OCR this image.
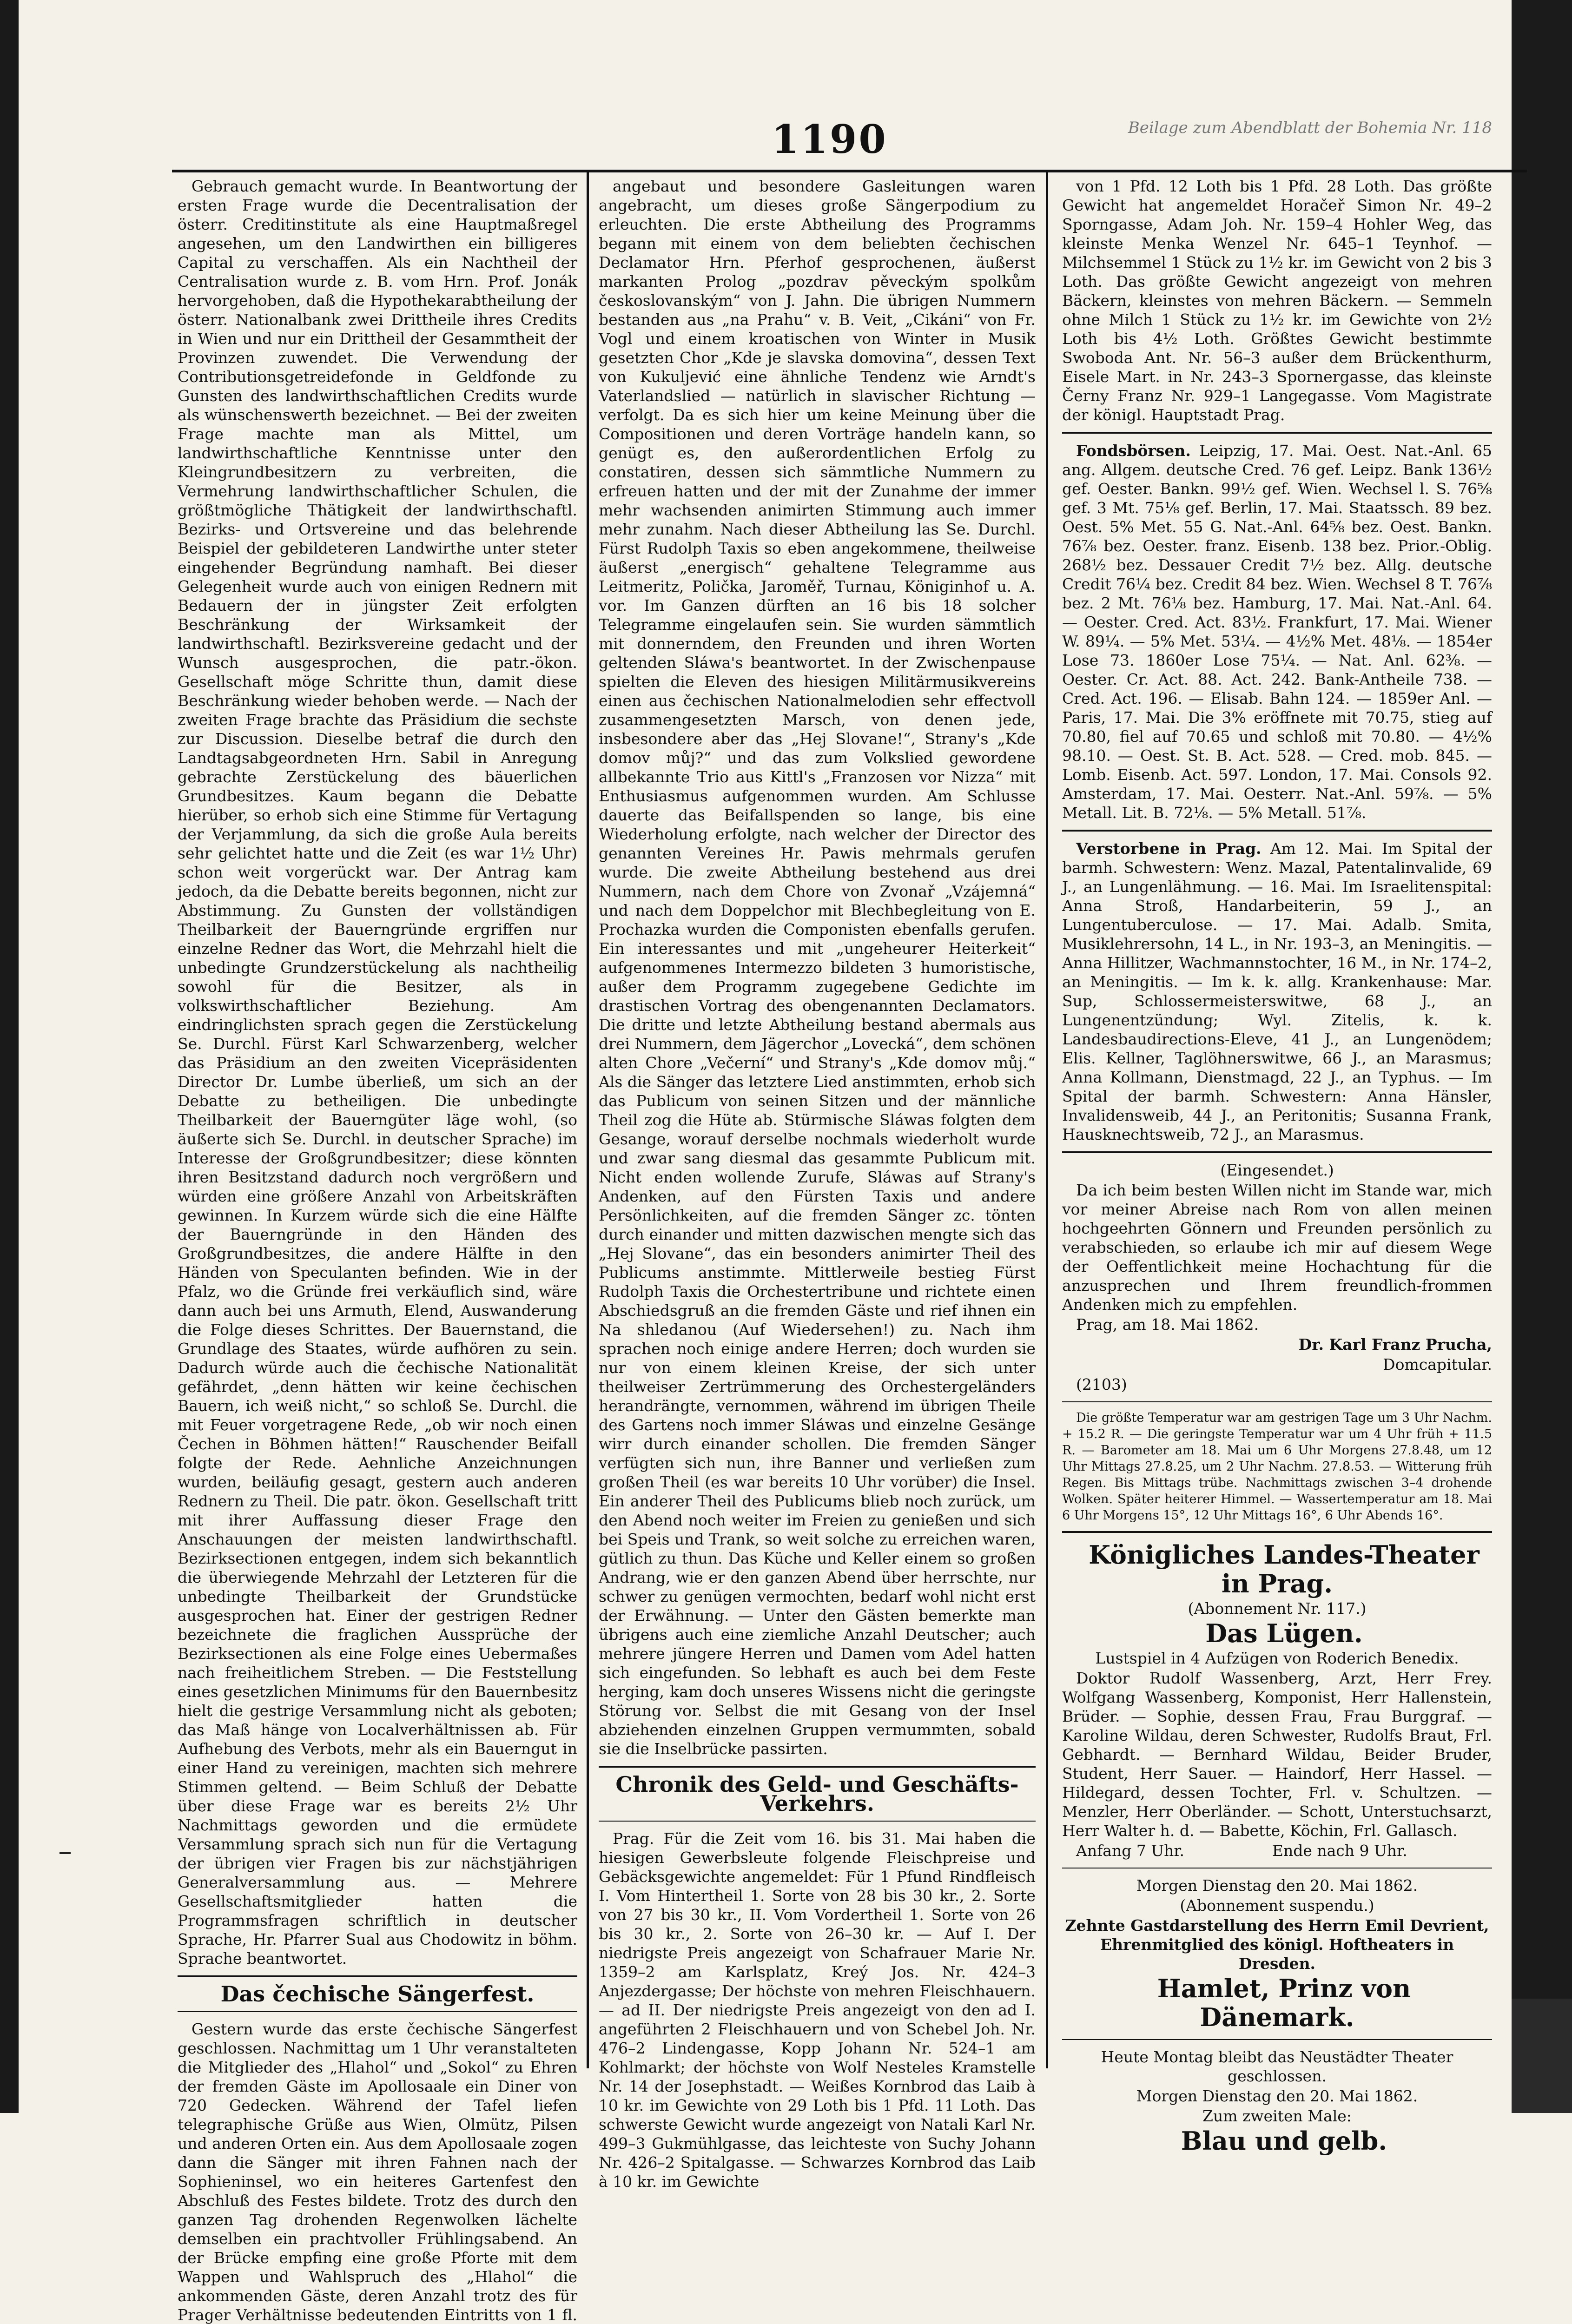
1190	Beilage zum Abendblatt der Bohemia Nr. 118

Gebrauch gemacht wurde. In Beantwortung der ersten Frage wurde die Decentralisation der österr. Creditinstitute als eine Hauptmaßregel angesehen, um den Landwirthen ein billigeres Capital zu verschaffen. Als ein Nachtheil der Centralisation wurde z. B. vom Hrn. Prof. Jonák hervorgehoben, daß die Hypothekarabtheilung der österr. Nationalbank zwei Drittheile ihres Credits in Wien und nur ein Drittheil der Gesammtheit der Provinzen zuwendet. Die Verwendung der Contributionsgetreidefonde in Geldfonde zu Gunsten des landwirthschaftlichen Credits wurde als wünschenswerth bezeichnet. — Bei der zweiten Frage machte man als Mittel, um landwirthschaftliche Kenntnisse unter den Kleingrundbesitzern zu verbreiten, die Vermehrung landwirthschaftlicher Schulen, die größtmögliche Thätigkeit der landwirthschaftl. Bezirks- und Ortsvereine und das belehrende Beispiel der gebildeteren Landwirthe unter steter eingehender Begründung namhaft. Bei dieser Gelegenheit wurde auch von einigen Rednern mit Bedauern der in jüngster Zeit erfolgten Beschränkung der Wirksamkeit der landwirthschaftl. Bezirksvereine gedacht und der Wunsch ausgesprochen, die patr.-ökon. Gesellschaft möge Schritte thun, damit diese Beschränkung wieder behoben werde. — Nach der zweiten Frage brachte das Präsidium die sechste zur Discussion. Dieselbe betraf die durch den Landtagsabgeordneten Hrn. Sabil in Anregung gebrachte Zerstückelung des bäuerlichen Grundbesitzes. Kaum begann die Debatte hierüber, so erhob sich eine Stimme für Vertagung der Verjammlung, da sich die große Aula bereits sehr gelichtet hatte und die Zeit (es war 1½ Uhr) schon weit vorgerückt war. Der Antrag kam jedoch, da die Debatte bereits begonnen, nicht zur Abstimmung. Zu Gunsten der vollständigen Theilbarkeit der Bauerngründe ergriffen nur einzelne Redner das Wort, die Mehrzahl hielt die unbedingte Grundzerstückelung als nachtheilig sowohl für die Besitzer, als in volkswirthschaftlicher Beziehung. Am eindringlichsten sprach gegen die Zerstückelung Se. Durchl. Fürst Karl Schwarzenberg, welcher das Präsidium an den zweiten Vicepräsidenten Director Dr. Lumbe überließ, um sich an der Debatte zu betheiligen. Die unbedingte Theilbarkeit der Bauerngüter läge wohl, (so äußerte sich Se. Durchl. in deutscher Sprache) im Interesse der Großgrundbesitzer; diese könnten ihren Besitzstand dadurch noch vergrößern und würden eine größere Anzahl von Arbeitskräften gewinnen. In Kurzem würde sich die eine Hälfte der Bauerngründe in den Händen des Großgrundbesitzes, die andere Hälfte in den Händen von Speculanten befinden. Wie in der Pfalz, wo die Gründe frei verkäuflich sind, wäre dann auch bei uns Armuth, Elend, Auswanderung die Folge dieses Schrittes. Der Bauernstand, die Grundlage des Staates, würde aufhören zu sein. Dadurch würde auch die čechische Nationalität gefährdet, „denn hätten wir keine čechischen Bauern, ich weiß nicht,“ so schloß Se. Durchl. die mit Feuer vorgetragene Rede, „ob wir noch einen Čechen in Böhmen hätten!“ Rauschender Beifall folgte der Rede. Aehnliche Anzeichnungen wurden, beiläufig gesagt, gestern auch anderen Rednern zu Theil. Die patr. ökon. Gesellschaft tritt mit ihrer Auffassung dieser Frage den Anschauungen der meisten landwirthschaftl. Bezirksectionen entgegen, indem sich bekanntlich die überwiegende Mehrzahl der Letzteren für die unbedingte Theilbarkeit der Grundstücke ausgesprochen hat. Einer der gestrigen Redner bezeichnete die fraglichen Aussprüche der Bezirksectionen als eine Folge eines Uebermaßes nach freiheitlichem Streben. — Die Feststellung eines gesetzlichen Minimums für den Bauernbesitz hielt die gestrige Versammlung nicht als geboten; das Maß hänge von Localverhältnissen ab. Für Aufhebung des Verbots, mehr als ein Bauerngut in einer Hand zu vereinigen, machten sich mehrere Stimmen geltend. — Beim Schluß der Debatte über diese Frage war es bereits 2½ Uhr Nachmittags geworden und die ermüdete Versammlung sprach sich nun für die Vertagung der übrigen vier Fragen bis zur nächstjährigen Generalversammlung aus. — Mehrere Gesellschaftsmitglieder hatten die Programmsfragen schriftlich in deutscher Sprache, Hr. Pfarrer Sual aus Chodowitz in böhm. Sprache beantwortet.

Das čechische Sängerfest.

Gestern wurde das erste čechische Sängerfest geschlossen. Nachmittag um 1 Uhr veranstalteten die Mitglieder des „Hlahol“ und „Sokol“ zu Ehren der fremden Gäste im Apollosaale ein Diner von 720 Gedecken. Während der Tafel liefen telegraphische Grüße aus Wien, Olmütz, Pilsen und anderen Orten ein. Aus dem Apollosaale zogen dann die Sänger mit ihren Fahnen nach der Sophieninsel, wo ein heiteres Gartenfest den Abschluß des Festes bildete. Trotz des durch den ganzen Tag drohenden Regenwolken lächelte demselben ein prachtvoller Frühlingsabend. An der Brücke empfing eine große Pforte mit dem Wappen und Wahlspruch des „Hlahol“ die ankommenden Gäste, deren Anzahl trotz des für Prager Verhältnisse bedeutenden Eintritts von 1 fl.

angebaut und besondere Gasleitungen waren angebracht, um dieses große Sängerpodium zu erleuchten. Die erste Abtheilung des Programms begann mit einem von dem beliebten čechischen Declamator Hrn. Pferhof gesprochenen, äußerst markanten Prolog „pozdrav pěveckým spolkům českoslovanským“ von J. Jahn. Die übrigen Nummern bestanden aus „na Prahu“ v. B. Veit, „Cikáni“ von Fr. Vogl und einem kroatischen von Winter in Musik gesetzten Chor „Kde je slavska domovina“, dessen Text von Kukuljević eine ähnliche Tendenz wie Arndt's Vaterlandslied — natürlich in slavischer Richtung — verfolgt. Da es sich hier um keine Meinung über die Compositionen und deren Vorträge handeln kann, so genügt es, den außerordentlichen Erfolg zu constatiren, dessen sich sämmtliche Nummern zu erfreuen hatten und der mit der Zunahme der immer mehr wachsenden animirten Stimmung auch immer mehr zunahm. Nach dieser Abtheilung las Se. Durchl. Fürst Rudolph Taxis so eben angekommene, theilweise äußerst „energisch“ gehaltene Telegramme aus Leitmeritz, Polička, Jaroměř, Turnau, Königinhof u. A. vor. Im Ganzen dürften an 16 bis 18 solcher Telegramme eingelaufen sein. Sie wurden sämmtlich mit donnerndem, den Freunden und ihren Worten geltenden Sláwa's beantwortet. In der Zwischenpause spielten die Eleven des hiesigen Militärmusikvereins einen aus čechischen Nationalmelodien sehr effectvoll zusammengesetzten Marsch, von denen jede, insbesondere aber das „Hej Slovane!“, Strany's „Kde domov můj?“ und das zum Volkslied gewordene allbekannte Trio aus Kittl's „Franzosen vor Nizza“ mit Enthusiasmus aufgenommen wurden. Am Schlusse dauerte das Beifallspenden so lange, bis eine Wiederholung erfolgte, nach welcher der Director des genannten Vereines Hr. Pawis mehrmals gerufen wurde. Die zweite Abtheilung bestehend aus drei Nummern, nach dem Chore von Zvonař „Vzájemná“ und nach dem Doppelchor mit Blechbegleitung von E. Prochazka wurden die Componisten ebenfalls gerufen. Ein interessantes und mit „ungeheurer Heiterkeit“ aufgenommenes Intermezzo bildeten 3 humoristische, außer dem Programm zugegebene Gedichte im drastischen Vortrag des obengenannten Declamators. Die dritte und letzte Abtheilung bestand abermals aus drei Nummern, dem Jägerchor „Lovecká“, dem schönen alten Chore „Večerní“ und Strany's „Kde domov můj.“ Als die Sänger das letztere Lied anstimmten, erhob sich das Publicum von seinen Sitzen und der männliche Theil zog die Hüte ab. Stürmische Sláwas folgten dem Gesange, worauf derselbe nochmals wiederholt wurde und zwar sang diesmal das gesammte Publicum mit. Nicht enden wollende Zurufe, Sláwas auf Strany's Andenken, auf den Fürsten Taxis und andere Persönlichkeiten, auf die fremden Sänger zc. tönten durch einander und mitten dazwischen mengte sich das „Hej Slovane“, das ein besonders animirter Theil des Publicums anstimmte. Mittlerweile bestieg Fürst Rudolph Taxis die Orchestertribune und richtete einen Abschiedsgruß an die fremden Gäste und rief ihnen ein Na shledanou (Auf Wiedersehen!) zu. Nach ihm sprachen noch einige andere Herren; doch wurden sie nur von einem kleinen Kreise, der sich unter theilweiser Zertrümmerung des Orchestergeländers herandrängte, vernommen, während im übrigen Theile des Gartens noch immer Sláwas und einzelne Gesänge wirr durch einander schollen. Die fremden Sänger verfügten sich nun, ihre Banner und verließen zum großen Theil (es war bereits 10 Uhr vorüber) die Insel. Ein anderer Theil des Publicums blieb noch zurück, um den Abend noch weiter im Freien zu genießen und sich bei Speis und Trank, so weit solche zu erreichen waren, gütlich zu thun. Das Küche und Keller einem so großen Andrang, wie er den ganzen Abend über herrschte, nur schwer zu genügen vermochten, bedarf wohl nicht erst der Erwähnung. — Unter den Gästen bemerkte man übrigens auch eine ziemliche Anzahl Deutscher; auch mehrere jüngere Herren und Damen vom Adel hatten sich eingefunden. So lebhaft es auch bei dem Feste herging, kam doch unseres Wissens nicht die geringste Störung vor. Selbst die mit Gesang von der Insel abziehenden einzelnen Gruppen vermummten, sobald sie die Inselbrücke passirten.

Chronik des Geld- und Geschäfts-Verkehrs.

Prag. Für die Zeit vom 16. bis 31. Mai haben die hiesigen Gewerbsleute folgende Fleischpreise und Gebäcksgewichte angemeldet: Für 1 Pfund Rindfleisch I. Vom Hintertheil 1. Sorte von 28 bis 30 kr., 2. Sorte von 27 bis 30 kr., II. Vom Vordertheil 1. Sorte von 26 bis 30 kr., 2. Sorte von 26–30 kr. — Auf I. Der niedrigste Preis angezeigt von Schafrauer Marie Nr. 1359–2 am Karlsplatz, Kreý Jos. Nr. 424–3 Anjezdergasse; Der höchste von mehren Fleischhauern. — ad II. Der niedrigste Preis angezeigt von den ad I. angeführten 2 Fleischhauern und von Schebel Joh. Nr. 476–2 Lindengasse, Kopp Johann Nr. 524–1 am Kohlmarkt; der höchste von Wolf Nesteles Kramstelle Nr. 14 der Josephstadt. — Weißes Kornbrod das Laib à 10 kr. im Gewichte von 29 Loth bis 1 Pfd. 11 Loth. Das schwerste Gewicht wurde angezeigt von Natali Karl Nr. 499–3 Gukmühlgasse, das leichteste von Suchy Johann Nr. 426–2 Spitalgasse. — Schwarzes Kornbrod das Laib à 10 kr. im Gewichte

von 1 Pfd. 12 Loth bis 1 Pfd. 28 Loth. Das größte Gewicht hat angemeldet Horačeř Simon Nr. 49–2 Sporngasse, Adam Joh. Nr. 159–4 Hohler Weg, das kleinste Menka Wenzel Nr. 645–1 Teynhof. — Milchsemmel 1 Stück zu 1½ kr. im Gewicht von 2 bis 3 Loth. Das größte Gewicht angezeigt von mehren Bäckern, kleinstes von mehren Bäckern. — Semmeln ohne Milch 1 Stück zu 1½ kr. im Gewichte von 2½ Loth bis 4½ Loth. Größtes Gewicht bestimmte Swoboda Ant. Nr. 56–3 außer dem Brückenthurm, Eisele Mart. in Nr. 243–3 Spornergasse, das kleinste Černy Franz Nr. 929–1 Langegasse. Vom Magistrate der königl. Hauptstadt Prag.

Fondsbörsen. Leipzig, 17. Mai. Oest. Nat.-Anl. 65 ang. Allgem. deutsche Cred. 76 gef. Leipz. Bank 136½ gef. Oester. Bankn. 99½ gef. Wien. Wechsel l. S. 76⅝ gef. 3 Mt. 75⅛ gef. Berlin, 17. Mai. Staatssch. 89 bez. Oest. 5% Met. 55 G. Nat.-Anl. 64⅝ bez. Oest. Bankn. 76⅞ bez. Oester. franz. Eisenb. 138 bez. Prior.-Oblig. 268½ bez. Dessauer Credit 7½ bez. Allg. deutsche Credit 76¼ bez. Credit 84 bez. Wien. Wechsel 8 T. 76⅞ bez. 2 Mt. 76⅛ bez. Hamburg, 17. Mai. Nat.-Anl. 64. — Oester. Cred. Act. 83½. Frankfurt, 17. Mai. Wiener W. 89¼. — 5% Met. 53¼. — 4½% Met. 48⅛. — 1854er Lose 73. 1860er Lose 75¼. — Nat. Anl. 62⅜. — Oester. Cr. Act. 88. Act. 242. Bank-Antheile 738. — Cred. Act. 196. — Elisab. Bahn 124. — 1859er Anl. — Paris, 17. Mai. Die 3% eröffnete mit 70.75, stieg auf 70.80, fiel auf 70.65 und schloß mit 70.80. — 4½% 98.10. — Oest. St. B. Act. 528. — Cred. mob. 845. — Lomb. Eisenb. Act. 597. London, 17. Mai. Consols 92. Amsterdam, 17. Mai. Oesterr. Nat.-Anl. 59⅞. — 5% Metall. Lit. B. 72⅛. — 5% Metall. 51⅞.

Verstorbene in Prag. Am 12. Mai. Im Spital der barmh. Schwestern: Wenz. Mazal, Patentalinvalide, 69 J., an Lungenlähmung. — 16. Mai. Im Israelitenspital: Anna Stroß, Handarbeiterin, 59 J., an Lungentuberculose. — 17. Mai. Adalb. Smita, Musiklehrersohn, 14 L., in Nr. 193–3, an Meningitis. — Anna Hillitzer, Wachmannstochter, 16 M., in Nr. 174–2, an Meningitis. — Im k. k. allg. Krankenhause: Mar. Sup, Schlossermeisterswitwe, 68 J., an Lungenentzündung; Wyl. Zitelis, k. k. Landesbaudirections-Eleve, 41 J., an Lungenödem; Elis. Kellner, Taglöhnerswitwe, 66 J., an Marasmus; Anna Kollmann, Dienstmagd, 22 J., an Typhus. — Im Spital der barmh. Schwestern: Anna Hänsler, Invalidensweib, 44 J., an Peritonitis; Susanna Frank, Hausknechtsweib, 72 J., an Marasmus.

(Eingesendet.)

Da ich beim besten Willen nicht im Stande war, mich vor meiner Abreise nach Rom von allen meinen hochgeehrten Gönnern und Freunden persönlich zu verabschieden, so erlaube ich mir auf diesem Wege der Oeffentlichkeit meine Hochachtung für die anzusprechen und Ihrem freundlich-frommen Andenken mich zu empfehlen.

Prag, am 18. Mai 1862.

Dr. Karl Franz Prucha,

Domcapitular.

(2103)

Die größte Temperatur war am gestrigen Tage um 3 Uhr Nachm. + 15.2 R. — Die geringste Temperatur war um 4 Uhr früh + 11.5 R. — Barometer am 18. Mai um 6 Uhr Morgens 27.8.48, um 12 Uhr Mittags 27.8.25, um 2 Uhr Nachm. 27.8.53. — Witterung früh Regen. Bis Mittags trübe. Nachmittags zwischen 3–4 drohende Wolken. Später heiterer Himmel. — Wassertemperatur am 18. Mai 6 Uhr Morgens 15°, 12 Uhr Mittags 16°, 6 Uhr Abends 16°.

Königliches Landes-Theater in Prag.

(Abonnement Nr. 117.)

Das Lügen.

Lustspiel in 4 Aufzügen von Roderich Benedix.

Doktor Rudolf Wassenberg, Arzt, Herr Frey. Wolfgang Wassenberg, Komponist, Herr Hallenstein, Brüder. — Sophie, dessen Frau, Frau Burggraf. — Karoline Wildau, deren Schwester, Rudolfs Braut, Frl. Gebhardt. — Bernhard Wildau, Beider Bruder, Student, Herr Sauer. — Haindorf, Herr Hassel. — Hildegard, dessen Tochter, Frl. v. Schultzen. — Menzler, Herr Oberländer. — Schott, Unterstuchsarzt, Herr Walter h. d. — Babette, Köchin, Frl. Gallasch.

Anfang 7 Uhr.	Ende nach 9 Uhr.

Morgen Dienstag den 20. Mai 1862.

(Abonnement suspendu.)

Zehnte Gastdarstellung des Herrn Emil Devrient, Ehrenmitglied des königl. Hoftheaters in Dresden.

Hamlet, Prinz von Dänemark.

Heute Montag bleibt das Neustädter Theater geschlossen.

Morgen Dienstag den 20. Mai 1862.

Zum zweiten Male:

Blau und gelb.
